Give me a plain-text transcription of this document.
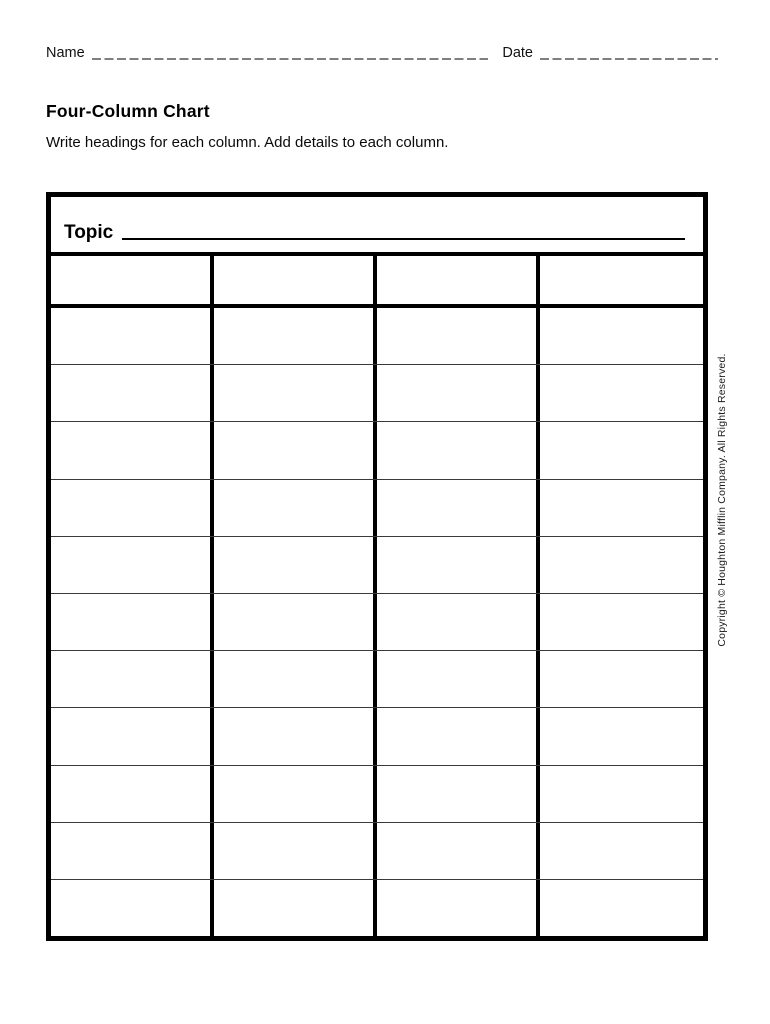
Name	Date
Four-Column Chart
Write headings for each column. Add details to each column.
Topic
Copyright © Houghton Mifflin Company. All Rights Reserved.
